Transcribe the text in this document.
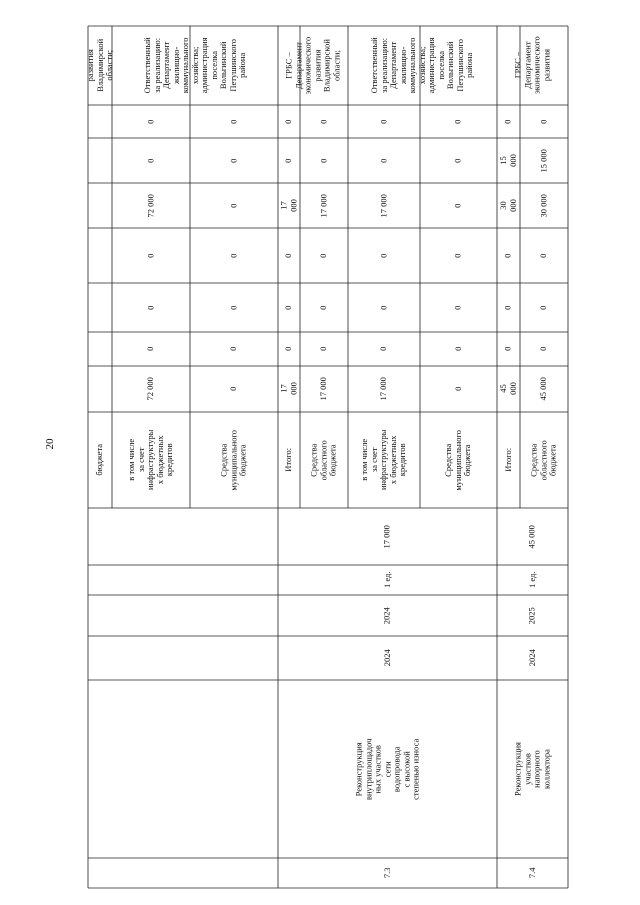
20
бюджета
развития
Владимирской
области;	Ответственный
за реализацию:
Департамент
жилищно-
коммунального
хозяйства;
администрация
поселка
Вольгинский
Петушинского
района
в том числе
за счет
инфраструктуры
х бюджетных
кредитов
72 000
0
0
0
72 000
0
0
Средства
муниципального
бюджета
0
0
0
0
0
0
0
7.3
Реконструкция
внутриплощадоч
ных участков
сети
водопровода
с высокой
степенью износа
2024
2024
1 ед.
17 000
Итого:
17 000
0
0
0
17 000
0
0
ГРБС –
Департамент
экономического
развития
Владимирской
области;
Средства
областного
бюджета
17 000
0
0
0
17 000
0
0
в том числе
за счет
инфраструктуры
х бюджетных
кредитов
17 000
0
0
0
17 000
0
0
Ответственный
за реализацию:
Департамент
жилищно-
коммунального
хозяйства;
администрация
поселка
Вольгинский
Петушинского
района
Средства
муниципального
бюджета
0
0
0
0
0
0
0
7.4
Реконструкция
участков
напорного
коллектора
2024
2025
1 ед.
45 000
Итого:
45 000
0
0
0
30 000
15 000
0
ГРБС –
Департамент
экономического
развития
Средства
областного
бюджета
45 000
0
0
0
30 000
15 000
0
